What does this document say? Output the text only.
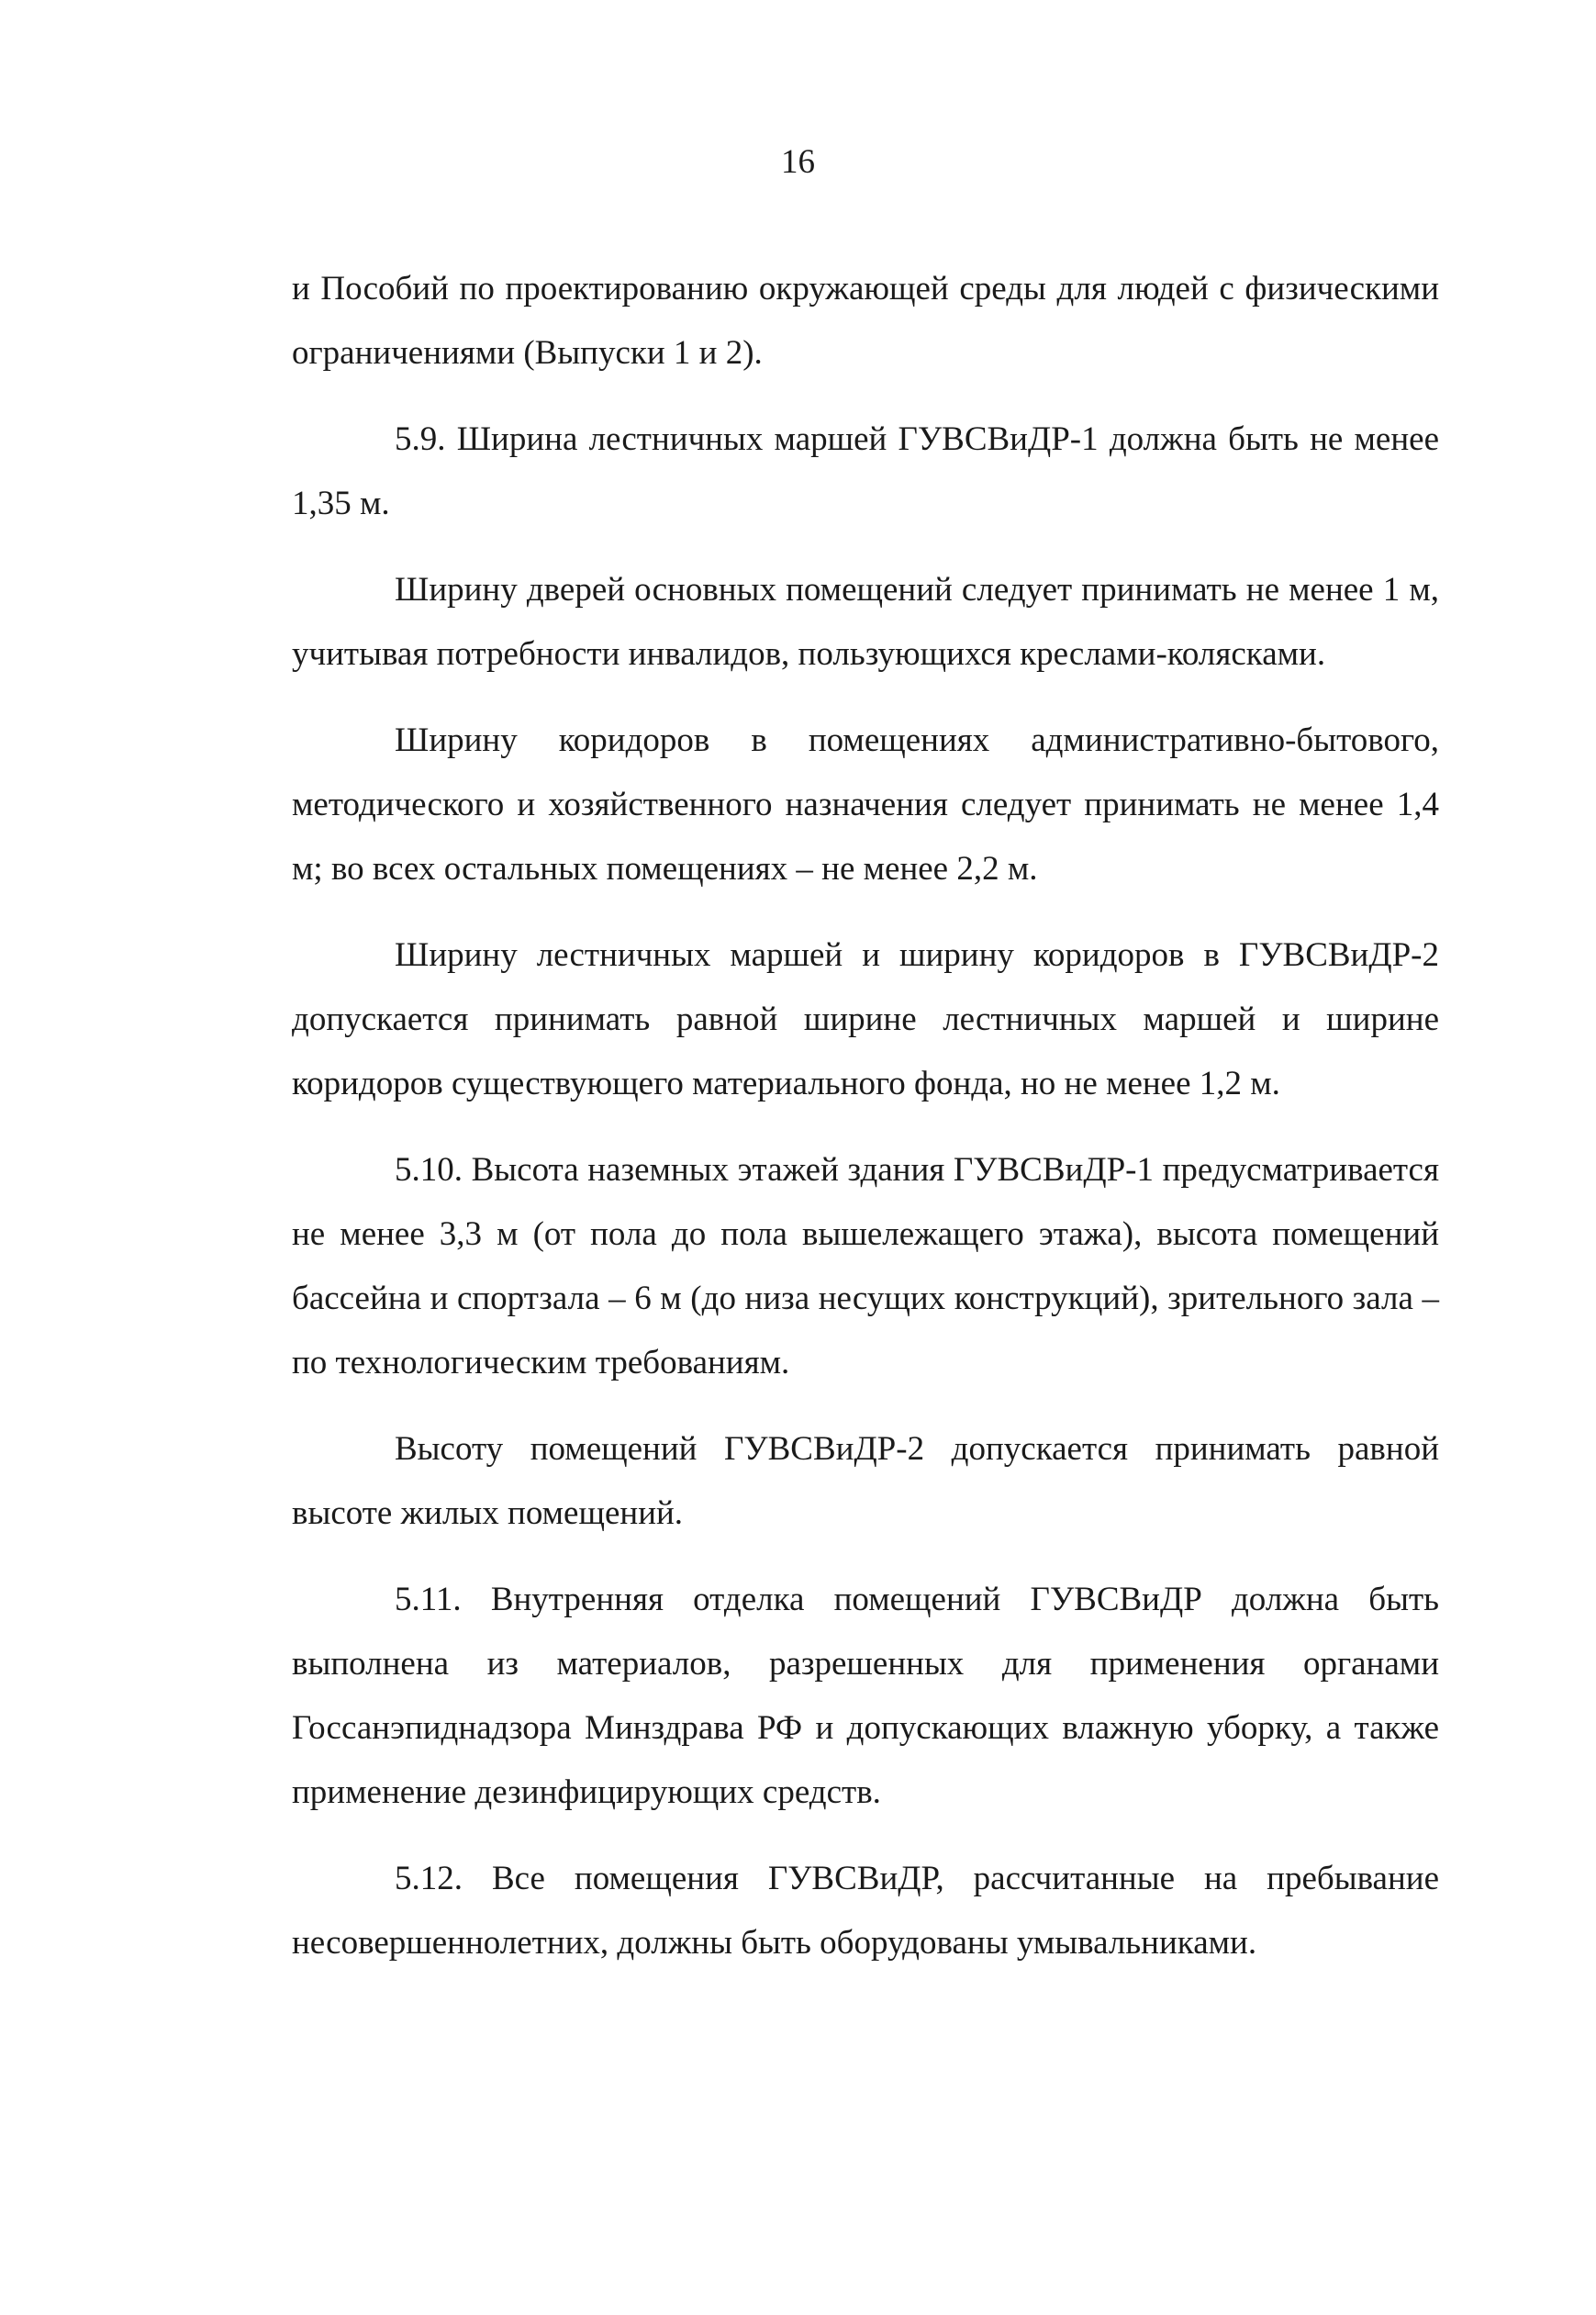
16

и Пособий по проектированию окружающей среды для людей с физическими ограничениями (Выпуски 1 и 2).

5.9. Ширина лестничных маршей ГУВСВиДР-1 должна быть не менее 1,35 м.

Ширину дверей основных помещений следует принимать не менее 1 м, учитывая потребности инвалидов, пользующихся креслами-колясками.

Ширину коридоров в помещениях административно-бытового, методического и хозяйственного назначения следует принимать не менее 1,4 м; во всех остальных помещениях – не менее 2,2 м.

Ширину лестничных маршей и ширину коридоров в ГУВСВиДР-2 допускается принимать равной ширине лестничных маршей и ширине коридоров существующего материального фонда, но не менее 1,2 м.

5.10. Высота наземных этажей здания ГУВСВиДР-1 предусматривается не менее 3,3 м (от пола до пола вышележащего этажа), высота помещений бассейна и спортзала – 6 м (до низа несущих конструкций), зрительного зала – по технологическим требованиям.

Высоту помещений ГУВСВиДР-2 допускается принимать равной высоте жилых помещений.

5.11. Внутренняя отделка помещений ГУВСВиДР должна быть выполнена из материалов, разрешенных для применения органами Госсанэпиднадзора Минздрава РФ и допускающих влажную уборку, а также применение дезинфицирующих средств.

5.12. Все помещения ГУВСВиДР, рассчитанные на пребывание несовершеннолетних, должны быть оборудованы умывальниками.
